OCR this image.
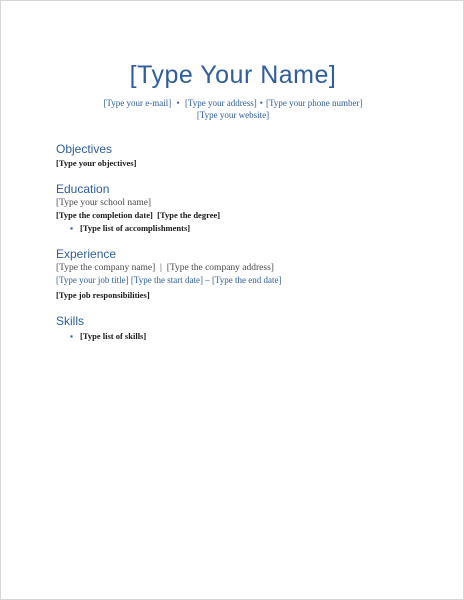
[Type Your Name]
[Type your e-mail] • [Type your address] • [Type your phone number]
[Type your website]
Objectives
[Type your objectives]
Education
[Type your school name]
[Type the completion date]  [Type the degree]
▪ [Type list of accomplishments]
Experience
[Type the company name]  |  [Type the company address]
[Type your job title] [Type the start date] – [Type the end date]
[Type job responsibilities]
Skills
▪ [Type list of skills]
